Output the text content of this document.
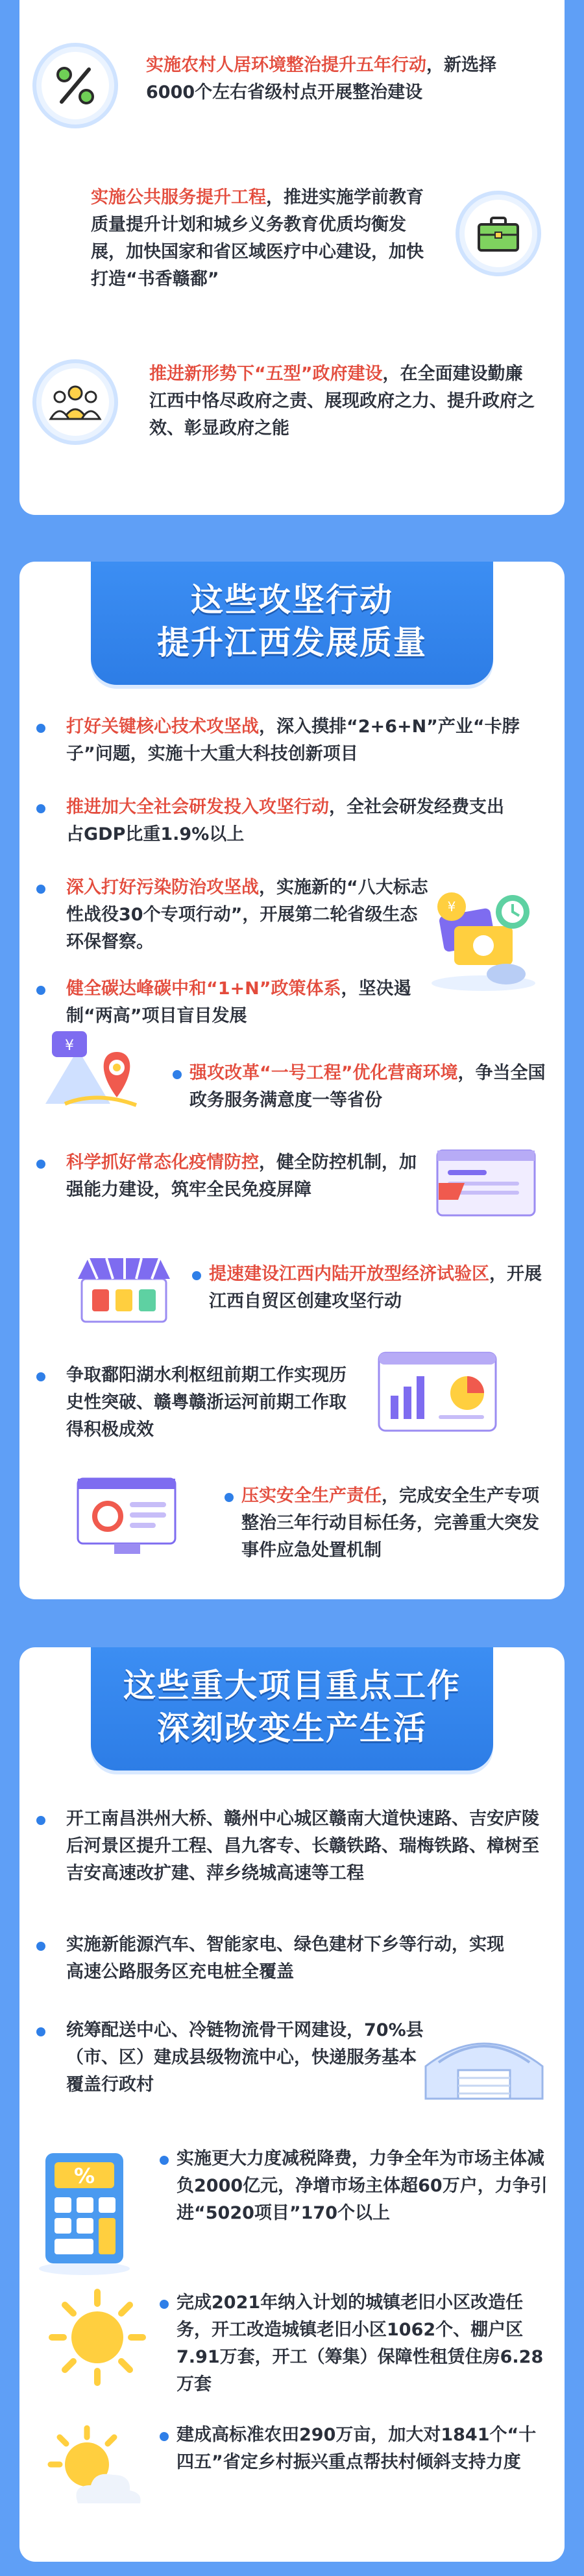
实施农村人居环境整治提升五年行动，新选择6000个左右省级村点开展整治建设
实施公共服务提升工程，推进实施学前教育质量提升计划和城乡义务教育优质均衡发展，加快国家和省区域医疗中心建设，加快打造“书香赣鄱”
推进新形势下“五型”政府建设，在全面建设勤廉江西中恪尽政府之责、展现政府之力、提升政府之效、彰显政府之能
这些攻坚行动
提升江西发展质量
打好关键核心技术攻坚战，深入摸排“2+6+N”产业“卡脖子”问题，实施十大重大科技创新项目
推进加大全社会研发投入攻坚行动，全社会研发经费支出占GDP比重1.9%以上
深入打好污染防治攻坚战，实施新的“八大标志性战役30个专项行动”，开展第二轮省级生态环保督察。
¥
健全碳达峰碳中和“1+N”政策体系，坚决遏制“两高”项目盲目发展
¥
强攻改革“一号工程”优化营商环境，争当全国政务服务满意度一等省份
科学抓好常态化疫情防控，健全防控机制，加强能力建设，筑牢全民免疫屏障
提速建设江西内陆开放型经济试验区，开展江西自贸区创建攻坚行动
争取鄱阳湖水利枢纽前期工作实现历史性突破、赣粤赣浙运河前期工作取得积极成效
压实安全生产责任，完成安全生产专项整治三年行动目标任务，完善重大突发事件应急处置机制
这些重大项目重点工作
深刻改变生产生活
开工南昌洪州大桥、赣州中心城区赣南大道快速路、吉安庐陵后河景区提升工程、昌九客专、长赣铁路、瑞梅铁路、樟树至吉安高速改扩建、萍乡绕城高速等工程
实施新能源汽车、智能家电、绿色建材下乡等行动，实现高速公路服务区充电桩全覆盖
统筹配送中心、冷链物流骨干网建设，70%县（市、区）建成县级物流中心，快递服务基本覆盖行政村
%
实施更大力度减税降费，力争全年为市场主体减负2000亿元，净增市场主体超60万户，力争引进“5020项目”170个以上
完成2021年纳入计划的城镇老旧小区改造任务，开工改造城镇老旧小区1062个、棚户区7.91万套，开工（筹集）保障性租赁住房6.28万套
建成高标准农田290万亩，加大对1841个“十四五”省定乡村振兴重点帮扶村倾斜支持力度
